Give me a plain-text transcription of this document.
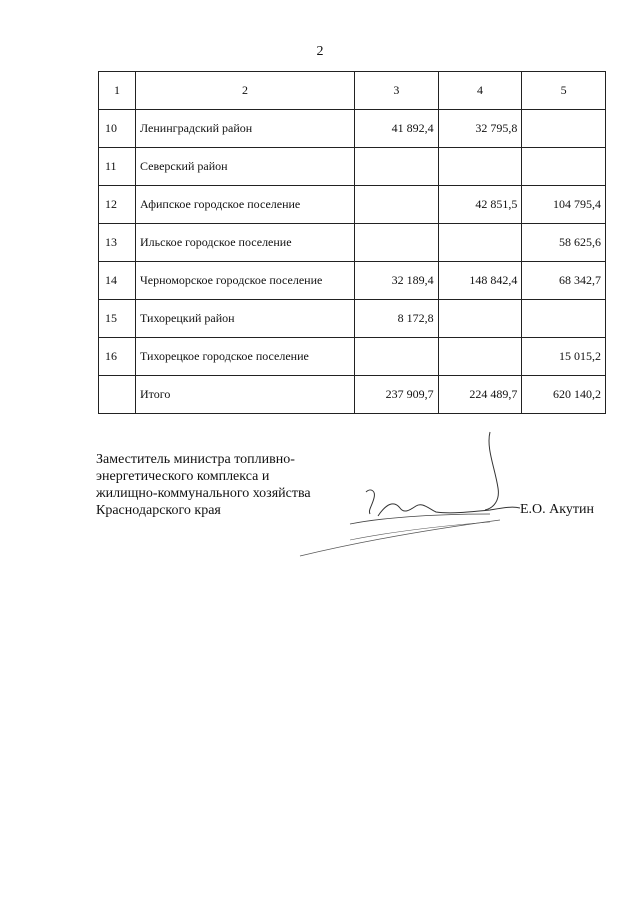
2
1	2	3	4	5
10	Ленинградский район	41 892,4	32 795,8	
11	Северский район			
12	Афипское городское поселение		42 851,5	104 795,4
13	Ильское городское поселение			58 625,6
14	Черноморское городское поселение	32 189,4	148 842,4	68 342,7
15	Тихорецкий район	8 172,8		
16	Тихорецкое городское поселение			15 015,2
	Итого	237 909,7	224 489,7	620 140,2
Заместитель министра топливно-
энергетического комплекса и
жилищно-коммунального хозяйства
Краснодарского края	Е.О. Акутин
